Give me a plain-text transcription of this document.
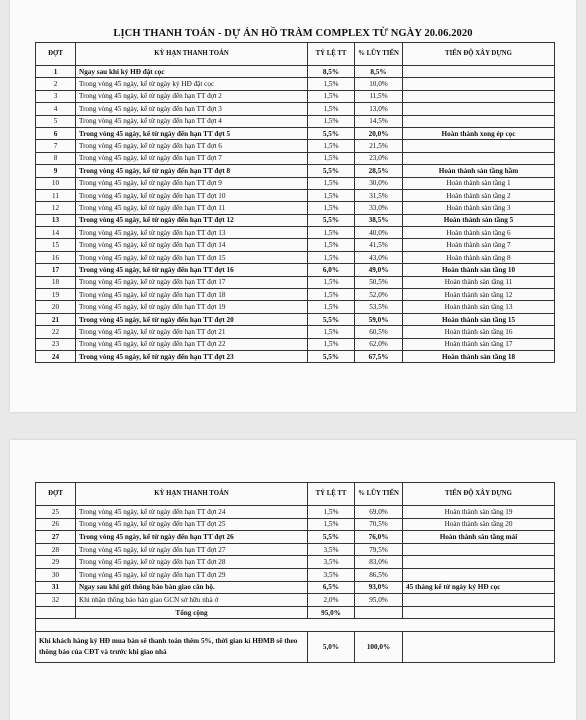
LỊCH THANH TOÁN - DỰ ÁN HỒ TRÀM COMPLEX TỪ NGÀY 20.06.2020
ĐỢT	KỲ HẠN THANH TOÁN	TỶ LỆ TT	% LŨY TIẾN	TIẾN ĐỘ XÂY DỰNG
1	Ngay sau khi ký HĐ đặt cọc	8,5%	8,5%	
2	Trong vòng 45 ngày, kể từ ngày ký HĐ đặt cọc	1,5%	10,0%	
3	Trong vòng 45 ngày, kể từ ngày đến hạn TT đợt 2	1,5%	11,5%	
4	Trong vòng 45 ngày, kể từ ngày đến hạn TT đợt 3	1,5%	13,0%	
5	Trong vòng 45 ngày, kể từ ngày đến hạn TT đợt 4	1,5%	14,5%	
6	Trong vòng 45 ngày, kể từ ngày đến hạn TT đợt 5	5,5%	20,0%	Hoàn thành xong ép cọc
7	Trong vòng 45 ngày, kể từ ngày đến hạn TT đợt 6	1,5%	21,5%	
8	Trong vòng 45 ngày, kể từ ngày đến hạn TT đợt 7	1,5%	23,0%	
9	Trong vòng 45 ngày, kể từ ngày đến hạn TT đợt 8	5,5%	28,5%	Hoàn thành sàn tầng hầm
10	Trong vòng 45 ngày, kể từ ngày đến hạn TT đợt 9	1,5%	30,0%	Hoàn thành sàn tầng 1
11	Trong vòng 45 ngày, kể từ ngày đến hạn TT đợt 10	1,5%	31,5%	Hoàn thành sàn tầng 2
12	Trong vòng 45 ngày, kể từ ngày đến hạn TT đợt 11	1,5%	33,0%	Hoàn thành sàn tầng 3
13	Trong vòng 45 ngày, kể từ ngày đến hạn TT đợt 12	5,5%	38,5%	Hoàn thành sàn tầng 5
14	Trong vòng 45 ngày, kể từ ngày đến hạn TT đợt 13	1,5%	40,0%	Hoàn thành sàn tầng 6
15	Trong vòng 45 ngày, kể từ ngày đến hạn TT đợt 14	1,5%	41,5%	Hoàn thành sàn tầng 7
16	Trong vòng 45 ngày, kể từ ngày đến hạn TT đợt 15	1,5%	43,0%	Hoàn thành sàn tầng 8
17	Trong vòng 45 ngày, kể từ ngày đến hạn TT đợt 16	6,0%	49,0%	Hoàn thành sàn tầng 10
18	Trong vòng 45 ngày, kể từ ngày đến hạn TT đợt 17	1,5%	50,5%	Hoàn thành sàn tầng 11
19	Trong vòng 45 ngày, kể từ ngày đến hạn TT đợt 18	1,5%	52,0%	Hoàn thành sàn tầng 12
20	Trong vòng 45 ngày, kể từ ngày đến hạn TT đợt 19	1,5%	53,5%	Hoàn thành sàn tầng 13
21	Trong vòng 45 ngày, kể từ ngày đến hạn TT đợt 20	5,5%	59,0%	Hoàn thành sàn tầng 15
22	Trong vòng 45 ngày, kể từ ngày đến hạn TT đợt 21	1,5%	60,5%	Hoàn thành sàn tầng 16
23	Trong vòng 45 ngày, kể từ ngày đến hạn TT đợt 22	1,5%	62,0%	Hoàn thành sàn tầng 17
24	Trong vòng 45 ngày, kể từ ngày đến hạn TT đợt 23	5,5%	67,5%	Hoàn thành sàn tầng 18
ĐỢT	KỲ HẠN THANH TOÁN	TỶ LỆ TT	% LŨY TIẾN	TIẾN ĐỘ XÂY DỰNG
25	Trong vòng 45 ngày, kể từ ngày đến hạn TT đợt 24	1,5%	69,0%	Hoàn thành sàn tầng 19
26	Trong vòng 45 ngày, kể từ ngày đến hạn TT đợt 25	1,5%	70,5%	Hoàn thành sàn tầng 20
27	Trong vòng 45 ngày, kể từ ngày đến hạn TT đợt 26	5,5%	76,0%	Hoàn thành sàn tầng mái
28	Trong vòng 45 ngày, kể từ ngày đến hạn TT đợt 27	3,5%	79,5%	
29	Trong vòng 45 ngày, kể từ ngày đến hạn TT đợt 28	3,5%	83,0%	
30	Trong vòng 45 ngày, kể từ ngày đến hạn TT đợt 29	3,5%	86,5%	
31	Ngay sau khi gửi thông báo bàn giao căn hộ.	6,5%	93,0%	45 tháng kể từ ngày ký HĐ cọc
32	Khi nhận thông báo bàn giao GCN sở hữu nhà ở	2,0%	95,0%	
	Tổng cộng	95,0%		

Khi khách hàng ký HĐ mua bán sẽ thanh toán thêm 5%, thời gian kí HĐMB sẽ theo thông báo của CĐT và trước khi giao nhà		5,0%	100,0%	
